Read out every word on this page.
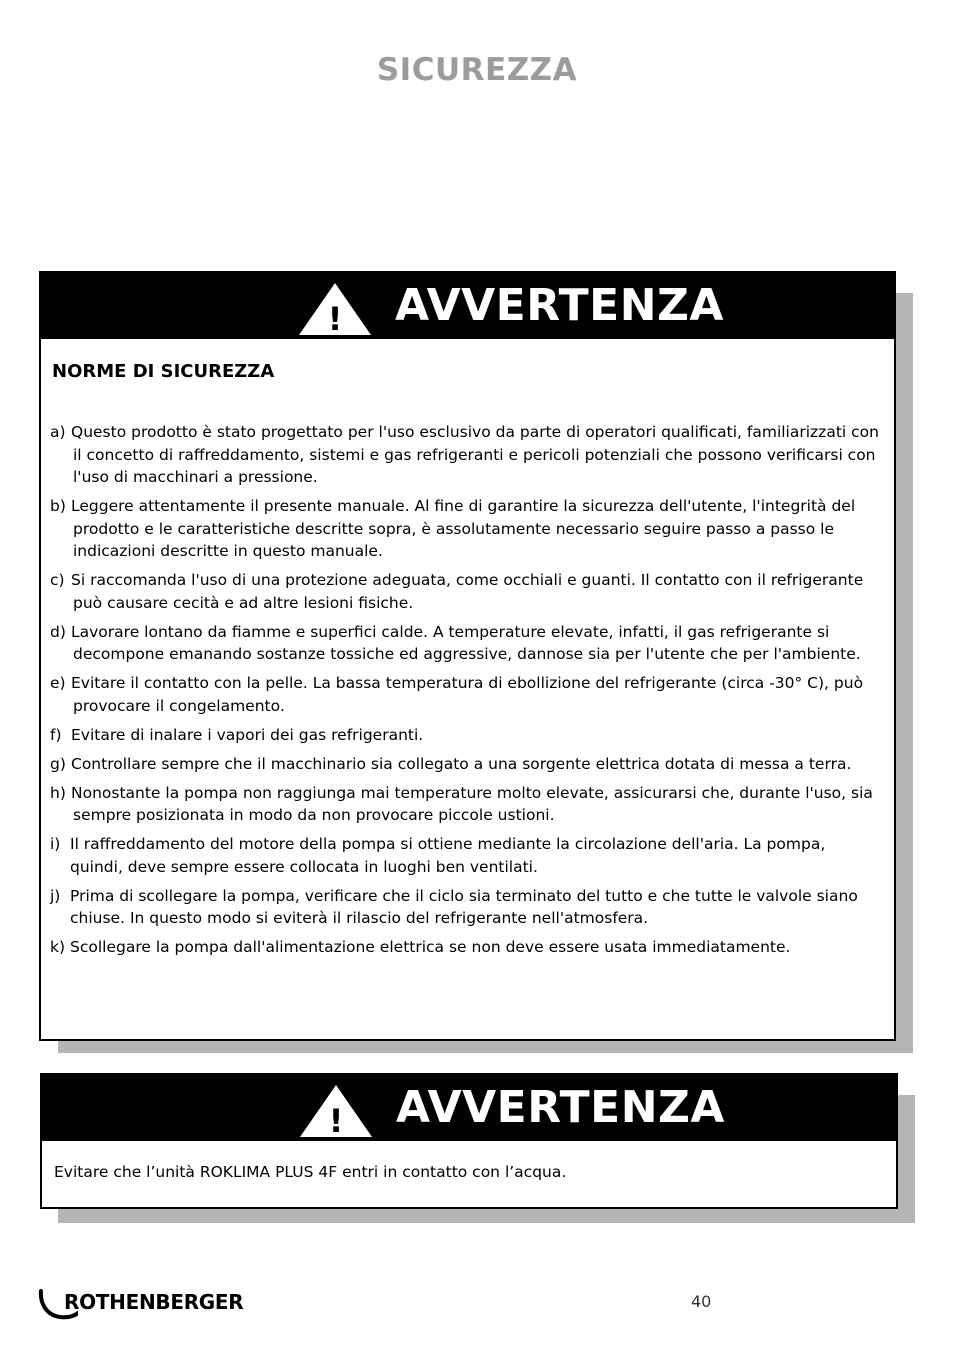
SICUREZZA
! AVVERTENZA
NORME DI SICUREZZA
a) Questo prodotto è stato progettato per l'uso esclusivo da parte di operatori qualificati, familiarizzati con il concetto di raffreddamento, sistemi e gas refrigeranti e pericoli potenziali che possono verificarsi con l'uso di macchinari a pressione.
b) Leggere attentamente il presente manuale. Al fine di garantire la sicurezza dell'utente, l'integrità del prodotto e le caratteristiche descritte sopra, è assolutamente necessario seguire passo a passo le indicazioni descritte in questo manuale.
c) Si raccomanda l'uso di una protezione adeguata, come occhiali e guanti. Il contatto con il refrigerante può causare cecità e ad altre lesioni fisiche.
d) Lavorare lontano da fiamme e superfici calde. A temperature elevate, infatti, il gas refrigerante si decompone emanando sostanze tossiche ed aggressive, dannose sia per l'utente che per l'ambiente.
e) Evitare il contatto con la pelle. La bassa temperatura di ebollizione del refrigerante (circa -30° C), può provocare il congelamento.
f) Evitare di inalare i vapori dei gas refrigeranti.
g) Controllare sempre che il macchinario sia collegato a una sorgente elettrica dotata di messa a terra.
h) Nonostante la pompa non raggiunga mai temperature molto elevate, assicurarsi che, durante l'uso, sia sempre posizionata in modo da non provocare piccole ustioni.
i) Il raffreddamento del motore della pompa si ottiene mediante la circolazione dell'aria. La pompa, quindi, deve sempre essere collocata in luoghi ben ventilati.
j) Prima di scollegare la pompa, verificare che il ciclo sia terminato del tutto e che tutte le valvole siano chiuse. In questo modo si eviterà il rilascio del refrigerante nell'atmosfera.
k) Scollegare la pompa dall'alimentazione elettrica se non deve essere usata immediatamente.
! AVVERTENZA
Evitare che l’unità ROKLIMA PLUS 4F entri in contatto con l’acqua.
ROTHENBERGER	40
